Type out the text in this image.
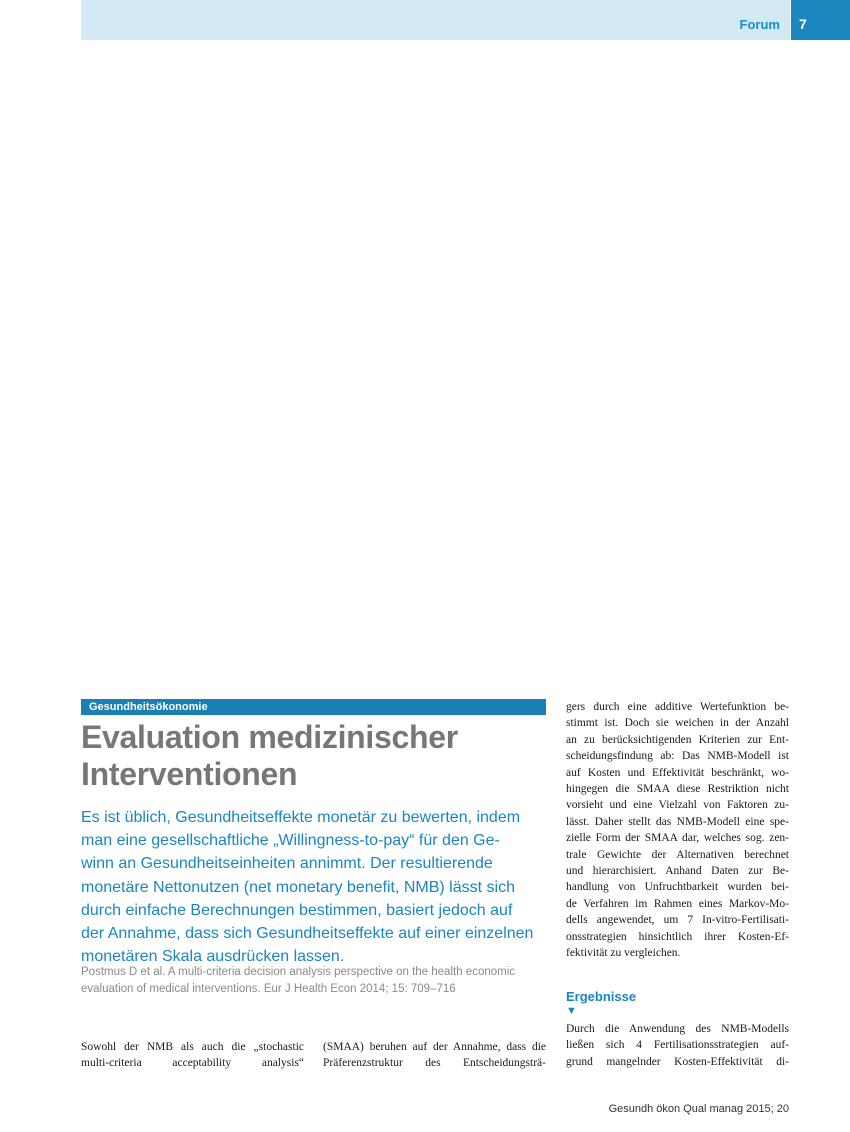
Forum 7
Gesundheitsökonomie
Evaluation medizinischer
Interventionen

Es ist üblich, Gesundheitseffekte monetär zu bewerten, indem
man eine gesellschaftliche „Willingness-to-pay“ für den Ge-
winn an Gesundheitseinheiten annimmt. Der resultierende
monetäre Nettonutzen (net monetary benefit, NMB) lässt sich
durch einfache Berechnungen bestimmen, basiert jedoch auf
der Annahme, dass sich Gesundheitseffekte auf einer einzelnen
monetären Skala ausdrücken lassen.

Postmus D et al. A multi-criteria decision analysis perspective on the health economic
evaluation of medical interventions. Eur J Health Econ 2014; 15: 709–716

Sowohl der NMB als auch die „stochastic
multi-criteria acceptability analysis“

(SMAA) beruhen auf der Annahme, dass die
Präferenzstruktur des Entscheidungsträ-

gers durch eine additive Wertefunktion be-
stimmt ist. Doch sie weichen in der Anzahl
an zu berücksichtigenden Kriterien zur Ent-
scheidungsfindung ab: Das NMB-Modell ist
auf Kosten und Effektivität beschränkt, wo-
hingegen die SMAA diese Restriktion nicht
vorsieht und eine Vielzahl von Faktoren zu-
lässt. Daher stellt das NMB-Modell eine spe-
zielle Form der SMAA dar, welches sog. zen-
trale Gewichte der Alternativen berechnet
und hierarchisiert. Anhand Daten zur Be-
handlung von Unfruchtbarkeit wurden bei-
de Verfahren im Rahmen eines Markov-Mo-
dells angewendet, um 7 In-vitro-Fertilisati-
onsstrategien hinsichtlich ihrer Kosten-Ef-
fektivität zu vergleichen.

Ergebnisse
▼

Durch die Anwendung des NMB-Modells
ließen sich 4 Fertilisationsstrategien auf-
grund mangelnder Kosten-Effektivität di-

Gesundh ökon Qual manag 2015; 20
